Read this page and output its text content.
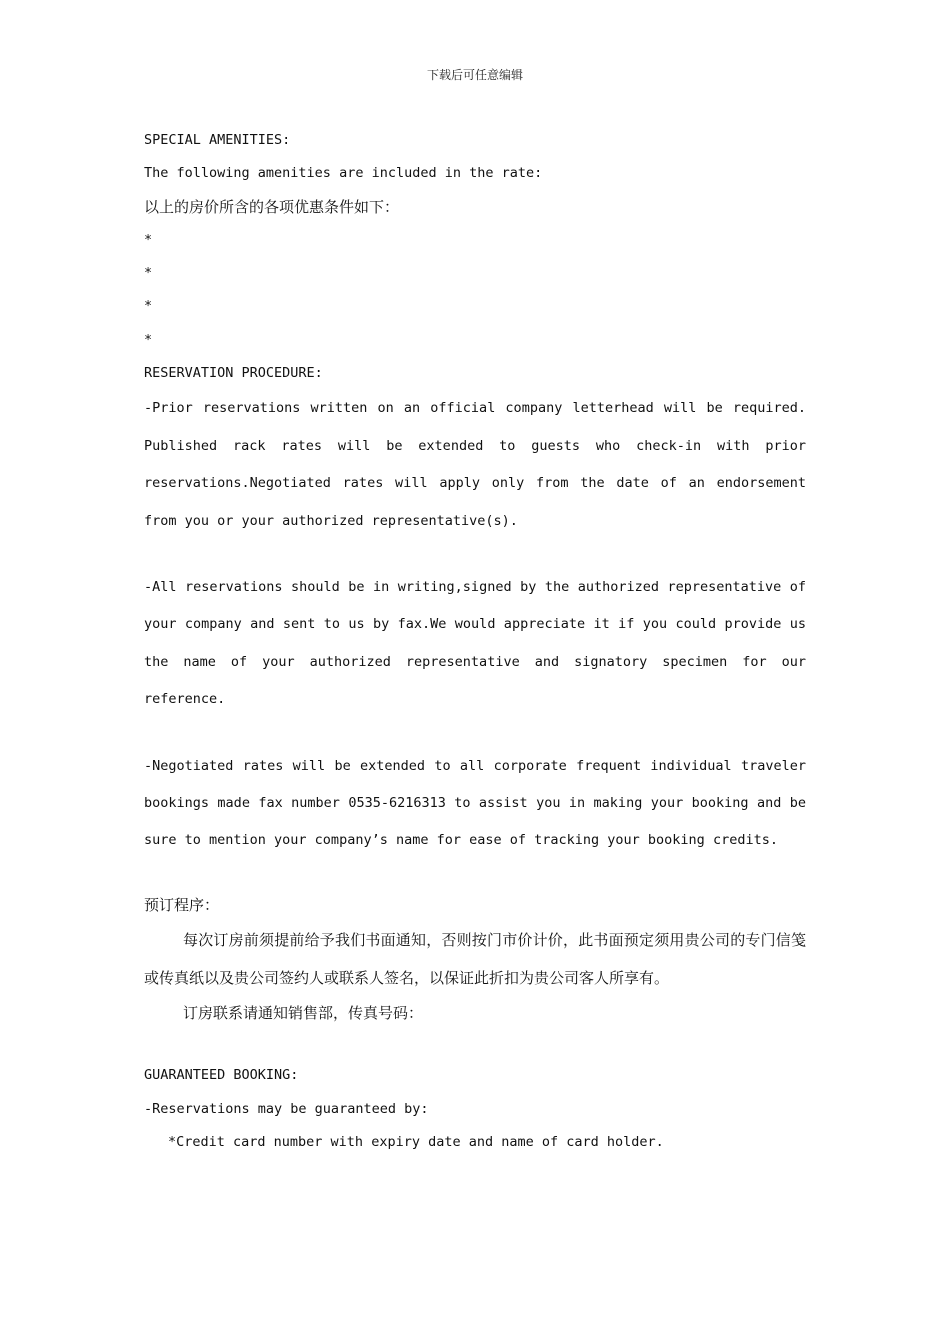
下载后可任意编辑
SPECIAL AMENITIES:
The following amenities are included in the rate:
以上的房价所含的各项优惠条件如下：
*
*
*
*
RESERVATION PROCEDURE:

-Prior reservations written on an official company letterhead will be required. Published rack rates will be extended to guests who check-in with prior reservations.Negotiated rates will apply only from the date of an endorsement from you or your authorized representative(s).

-All reservations should be in writing,signed by the authorized representative of your company and sent to us by fax.We would appreciate it if you could provide us the name of your authorized representative and signatory specimen for our reference.

-Negotiated rates will be extended to all corporate frequent individual traveler bookings made fax number 0535-6216313 to assist you in making your booking and be sure to mention your company’s name for ease of tracking your booking credits.

预订程序：

每次订房前须提前给予我们书面通知，否则按门市价计价，此书面预定须用贵公司的专门信笺或传真纸以及贵公司签约人或联系人签名，以保证此折扣为贵公司客人所享有。

订房联系请通知销售部，传真号码：
GUARANTEED BOOKING:
-Reservations may be guaranteed by:
*Credit card number with expiry date and name of card holder.
